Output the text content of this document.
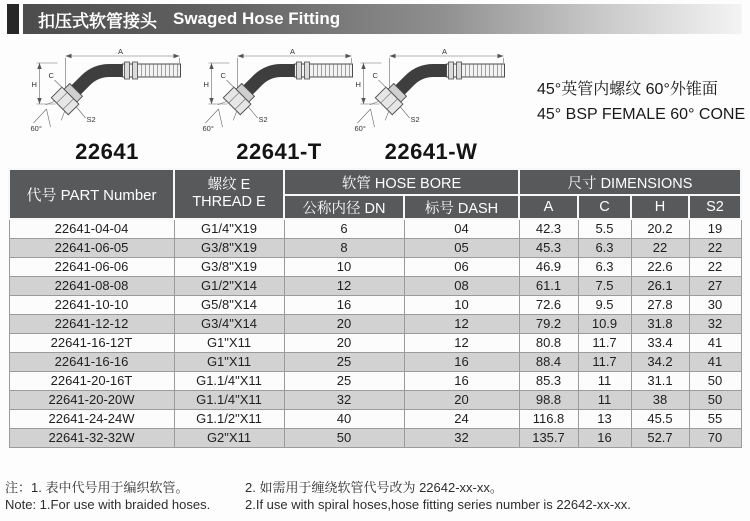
扣压式软管接头 Swaged Hose Fitting
A
H
C
S2
60°
22641
A
H
C
S2
60°
22641-T
A
H
C
S2
60°
22641-W
45°英管内螺纹 60°外锥面
45° BSP FEMALE 60° CONE
代号 PART Number	螺纹 E
THREAD E	软管 HOSE BORE		尺寸 DIMENSIONS			
		公称内径 DN	标号 DASH	A	C	H	S2
22641-04-04	G1/4"X19	6	04	42.3	5.5	20.2	19
22641-06-05	G3/8"X19	8	05	45.3	6.3	22	22
22641-06-06	G3/8"X19	10	06	46.9	6.3	22.6	22
22641-08-08	G1/2"X14	12	08	61.1	7.5	26.1	27
22641-10-10	G5/8"X14	16	10	72.6	9.5	27.8	30
22641-12-12	G3/4"X14	20	12	79.2	10.9	31.8	32
22641-16-12T	G1"X11	20	12	80.8	11.7	33.4	41
22641-16-16	G1"X11	25	16	88.4	11.7	34.2	41
22641-20-16T	G1.1/4"X11	25	16	85.3	11	31.1	50
22641-20-20W	G1.1/4"X11	32	20	98.8	11	38	50
22641-24-24W	G1.1/2"X11	40	24	116.8	13	45.5	55
22641-32-32W	G2"X11	50	32	135.7	16	52.7	70
注：1. 表中代号用于编织软管。	2. 如需用于缠绕软管代号改为 22642-xx-xx。
Note: 1.For use with braided hoses.	2.If use with spiral hoses,hose fitting series number is 22642-xx-xx.
